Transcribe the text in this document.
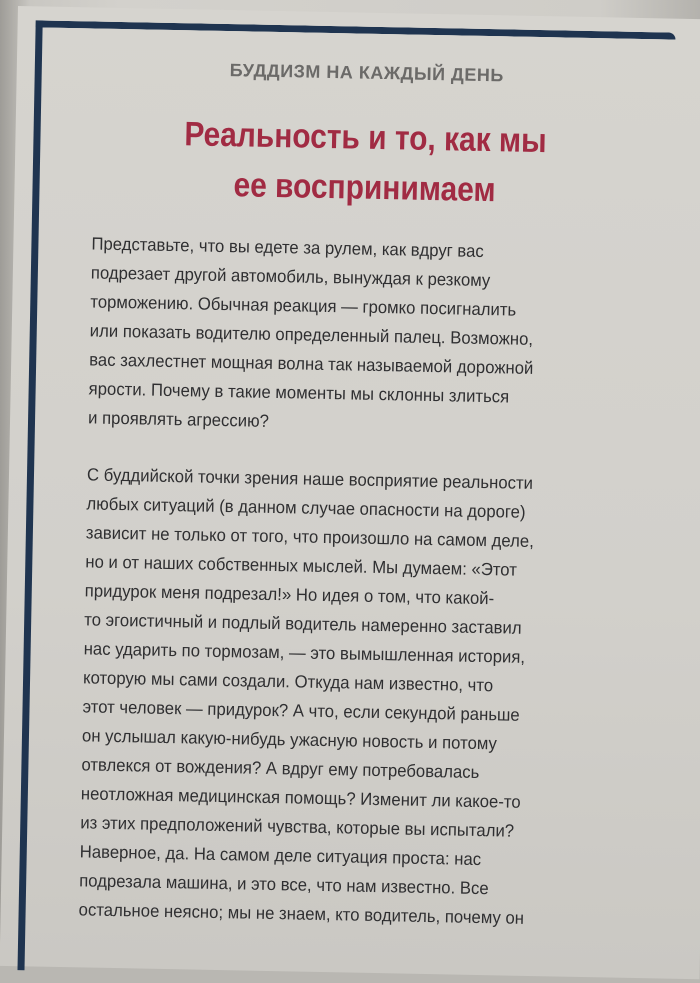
БУДДИЗМ НА КАЖДЫЙ ДЕНЬ
Реальность и то, как мы
ее воспринимаем
Представьте, что вы едете за рулем, как вдруг вас
подрезает другой автомобиль, вынуждая к резкому
торможению. Обычная реакция — громко посигналить
или показать водителю определенный палец. Возможно,
вас захлестнет мощная волна так называемой дорожной
ярости. Почему в такие моменты мы склонны злиться
и проявлять агрессию?
С буддийской точки зрения наше восприятие реальности
любых ситуаций (в данном случае опасности на дороге)
зависит не только от того, что произошло на самом деле,
но и от наших собственных мыслей. Мы думаем: «Этот
придурок меня подрезал!» Но идея о том, что какой-
то эгоистичный и подлый водитель намеренно заставил
нас ударить по тормозам, — это вымышленная история,
которую мы сами создали. Откуда нам известно, что
этот человек — придурок? А что, если секундой раньше
он услышал какую-нибудь ужасную новость и потому
отвлекся от вождения? А вдруг ему потребовалась
неотложная медицинская помощь? Изменит ли какое-то
из этих предположений чувства, которые вы испытали?
Наверное, да. На самом деле ситуация проста: нас
подрезала машина, и это все, что нам известно. Все
остальное неясно; мы не знаем, кто водитель, почему он
